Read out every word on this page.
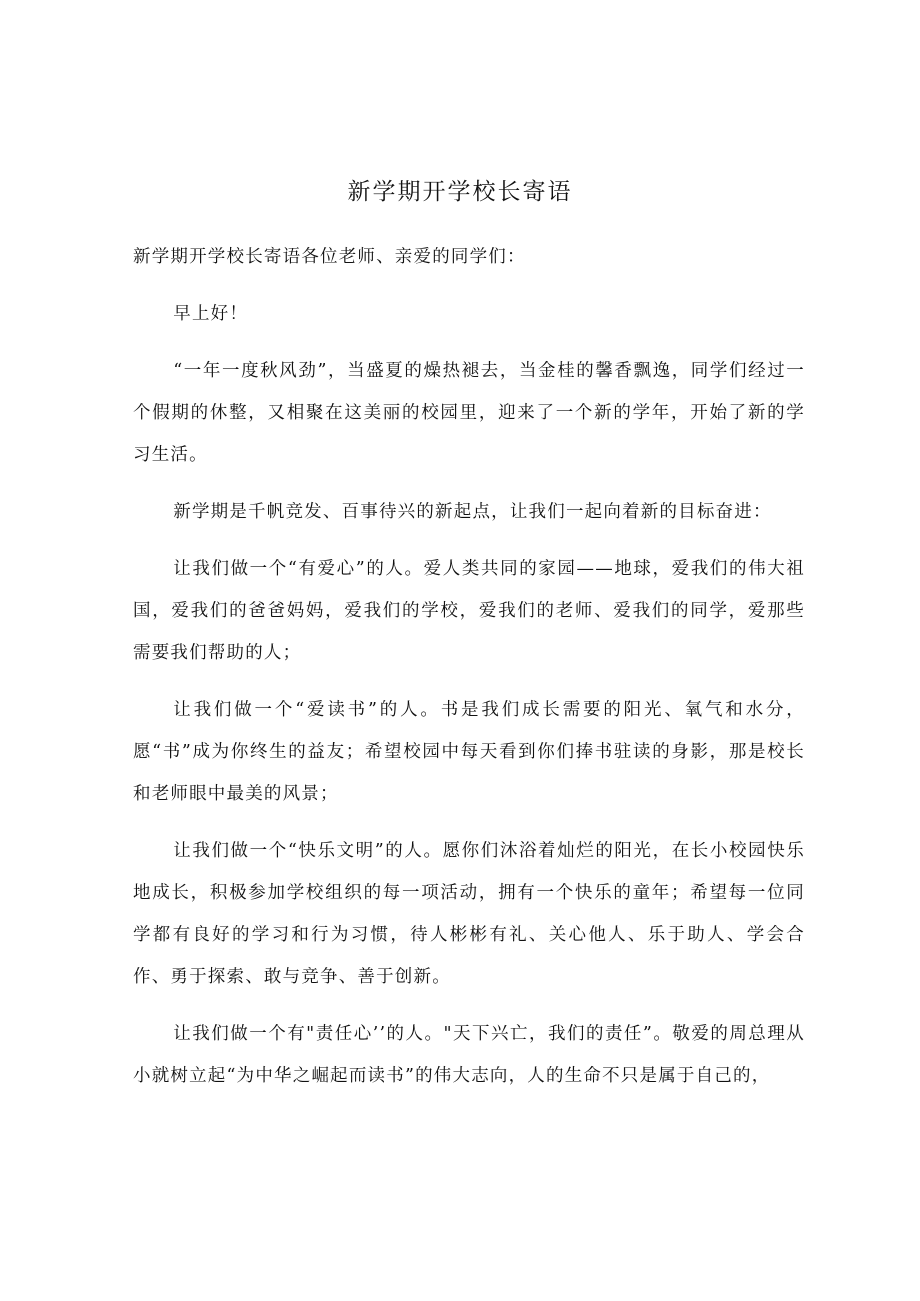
新学期开学校长寄语

新学期开学校长寄语各位老师、亲爱的同学们：

早上好！

“一年一度秋风劲”，当盛夏的燥热褪去，当金桂的馨香飘逸，同学们经过一个假期的休整，又相聚在这美丽的校园里，迎来了一个新的学年，开始了新的学习生活。

新学期是千帆竞发、百事待兴的新起点，让我们一起向着新的目标奋进：

让我们做一个“有爱心”的人。爱人类共同的家园——地球，爱我们的伟大祖国，爱我们的爸爸妈妈，爱我们的学校，爱我们的老师、爱我们的同学，爱那些需要我们帮助的人；

让我们做一个“爱读书”的人。书是我们成长需要的阳光、氧气和水分，愿“书”成为你终生的益友；希望校园中每天看到你们捧书驻读的身影，那是校长和老师眼中最美的风景；

让我们做一个“快乐文明”的人。愿你们沐浴着灿烂的阳光，在长小校园快乐地成长，积极参加学校组织的每一项活动，拥有一个快乐的童年；希望每一位同学都有良好的学习和行为习惯，待人彬彬有礼、关心他人、乐于助人、学会合作、勇于探索、敢与竞争、善于创新。

让我们做一个有"责任心’’的人。"天下兴亡，我们的责任”。敬爱的周总理从小就树立起“为中华之崛起而读书”的伟大志向，人的生命不只是属于自己的，
